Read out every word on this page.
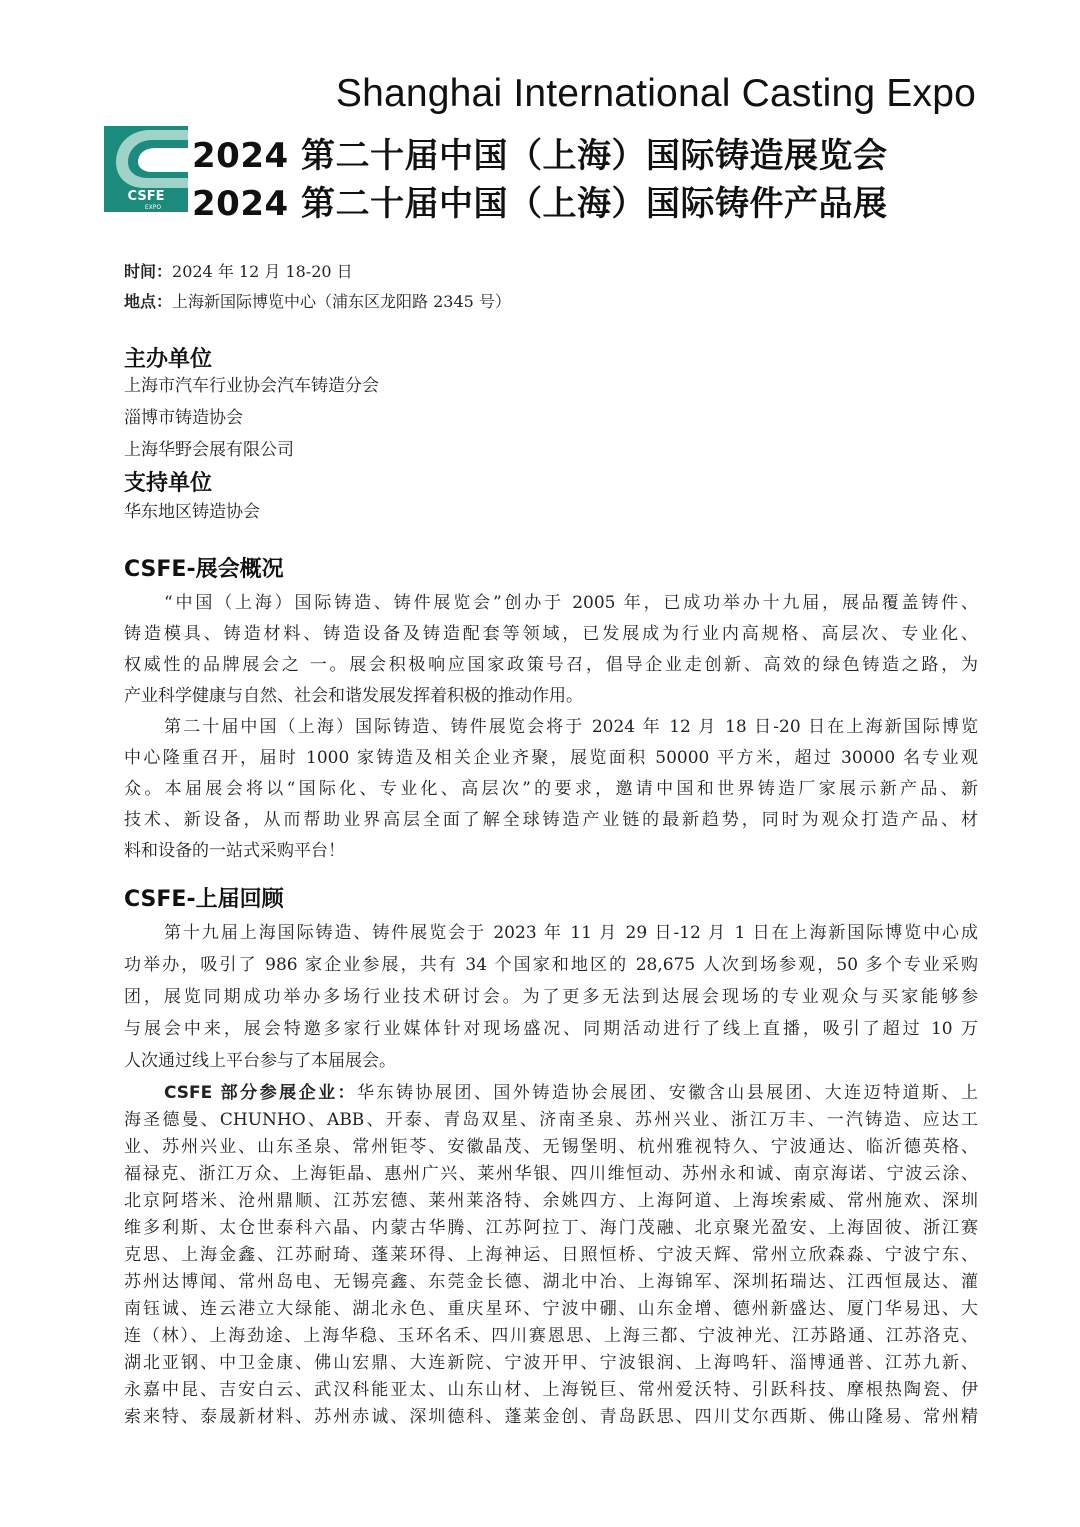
CSFE
EXPO
Shanghai International Casting Expo
2024 第二十届中国（上海）国际铸造展览会
2024 第二十届中国（上海）国际铸件产品展
时间：2024 年 12 月 18-20 日
地点：上海新国际博览中心（浦东区龙阳路 2345 号）
主办单位
上海市汽车行业协会汽车铸造分会
淄博市铸造协会
上海华野会展有限公司
支持单位
华东地区铸造协会
CSFE-展会概况
“中国（上海）国际铸造、铸件展览会”创办于 2005 年，已成功举办十九届，展品覆盖铸件、
铸造模具、铸造材料、铸造设备及铸造配套等领域，已发展成为行业内高规格、高层次、专业化、
权威性的品牌展会之 一。展会积极响应国家政策号召，倡导企业走创新、高效的绿色铸造之路，为
产业科学健康与自然、社会和谐发展发挥着积极的推动作用。
第二十届中国（上海）国际铸造、铸件展览会将于 2024 年 12 月 18 日-20 日在上海新国际博览
中心隆重召开，届时 1000 家铸造及相关企业齐聚，展览面积 50000 平方米，超过 30000 名专业观
众。本届展会将以“国际化、专业化、高层次”的要求，邀请中国和世界铸造厂家展示新产品、新
技术、新设备，从而帮助业界高层全面了解全球铸造产业链的最新趋势，同时为观众打造产品、材
料和设备的一站式采购平台！
CSFE-上届回顾
第十九届上海国际铸造、铸件展览会于 2023 年 11 月 29 日-12 月 1 日在上海新国际博览中心成
功举办，吸引了 986 家企业参展，共有 34 个国家和地区的 28,675 人次到场参观，50 多个专业采购
团，展览同期成功举办多场行业技术研讨会。为了更多无法到达展会现场的专业观众与买家能够参
与展会中来，展会特邀多家行业媒体针对现场盛况、同期活动进行了线上直播，吸引了超过 10 万
人次通过线上平台参与了本届展会。
CSFE 部分参展企业：华东铸协展团、国外铸造协会展团、安徽含山县展团、大连迈特道斯、上
海圣德曼、CHUNHO、ABB、开泰、青岛双星、济南圣泉、苏州兴业、浙江万丰、一汽铸造、应达工
业、苏州兴业、山东圣泉、常州钜苓、安徽晶茂、无锡堡明、杭州雅视特久、宁波通达、临沂德英格、
福禄克、浙江万众、上海钜晶、惠州广兴、莱州华银、四川维恒动、苏州永和诚、南京海诺、宁波云涂、
北京阿塔米、沧州鼎顺、江苏宏德、莱州莱洛特、余姚四方、上海阿道、上海埃索威、常州施欢、深圳
维多利斯、太仓世泰科六晶、内蒙古华腾、江苏阿拉丁、海门茂融、北京聚光盈安、上海固彼、浙江赛
克思、上海金鑫、江苏耐琦、蓬莱环得、上海神运、日照恒桥、宁波天辉、常州立欣森淼、宁波宁东、
苏州达博闻、常州岛电、无锡亮鑫、东莞金长德、湖北中冶、上海锦军、深圳拓瑞达、江西恒晟达、灌
南钰诚、连云港立大绿能、湖北永色、重庆星环、宁波中硼、山东金增、德州新盛达、厦门华易迅、大
连（林）、上海劲途、上海华稳、玉环名禾、四川赛恩思、上海三都、宁波神光、江苏路通、江苏洛克、
湖北亚钢、中卫金康、佛山宏鼎、大连新院、宁波开甲、宁波银润、上海鸣轩、淄博通普、江苏九新、
永嘉中昆、吉安白云、武汉科能亚太、山东山材、上海锐巨、常州爱沃特、引跃科技、摩根热陶瓷、伊
索来特、泰晟新材料、苏州赤诚、深圳德科、蓬莱金创、青岛跃思、四川艾尔西斯、佛山隆易、常州精
